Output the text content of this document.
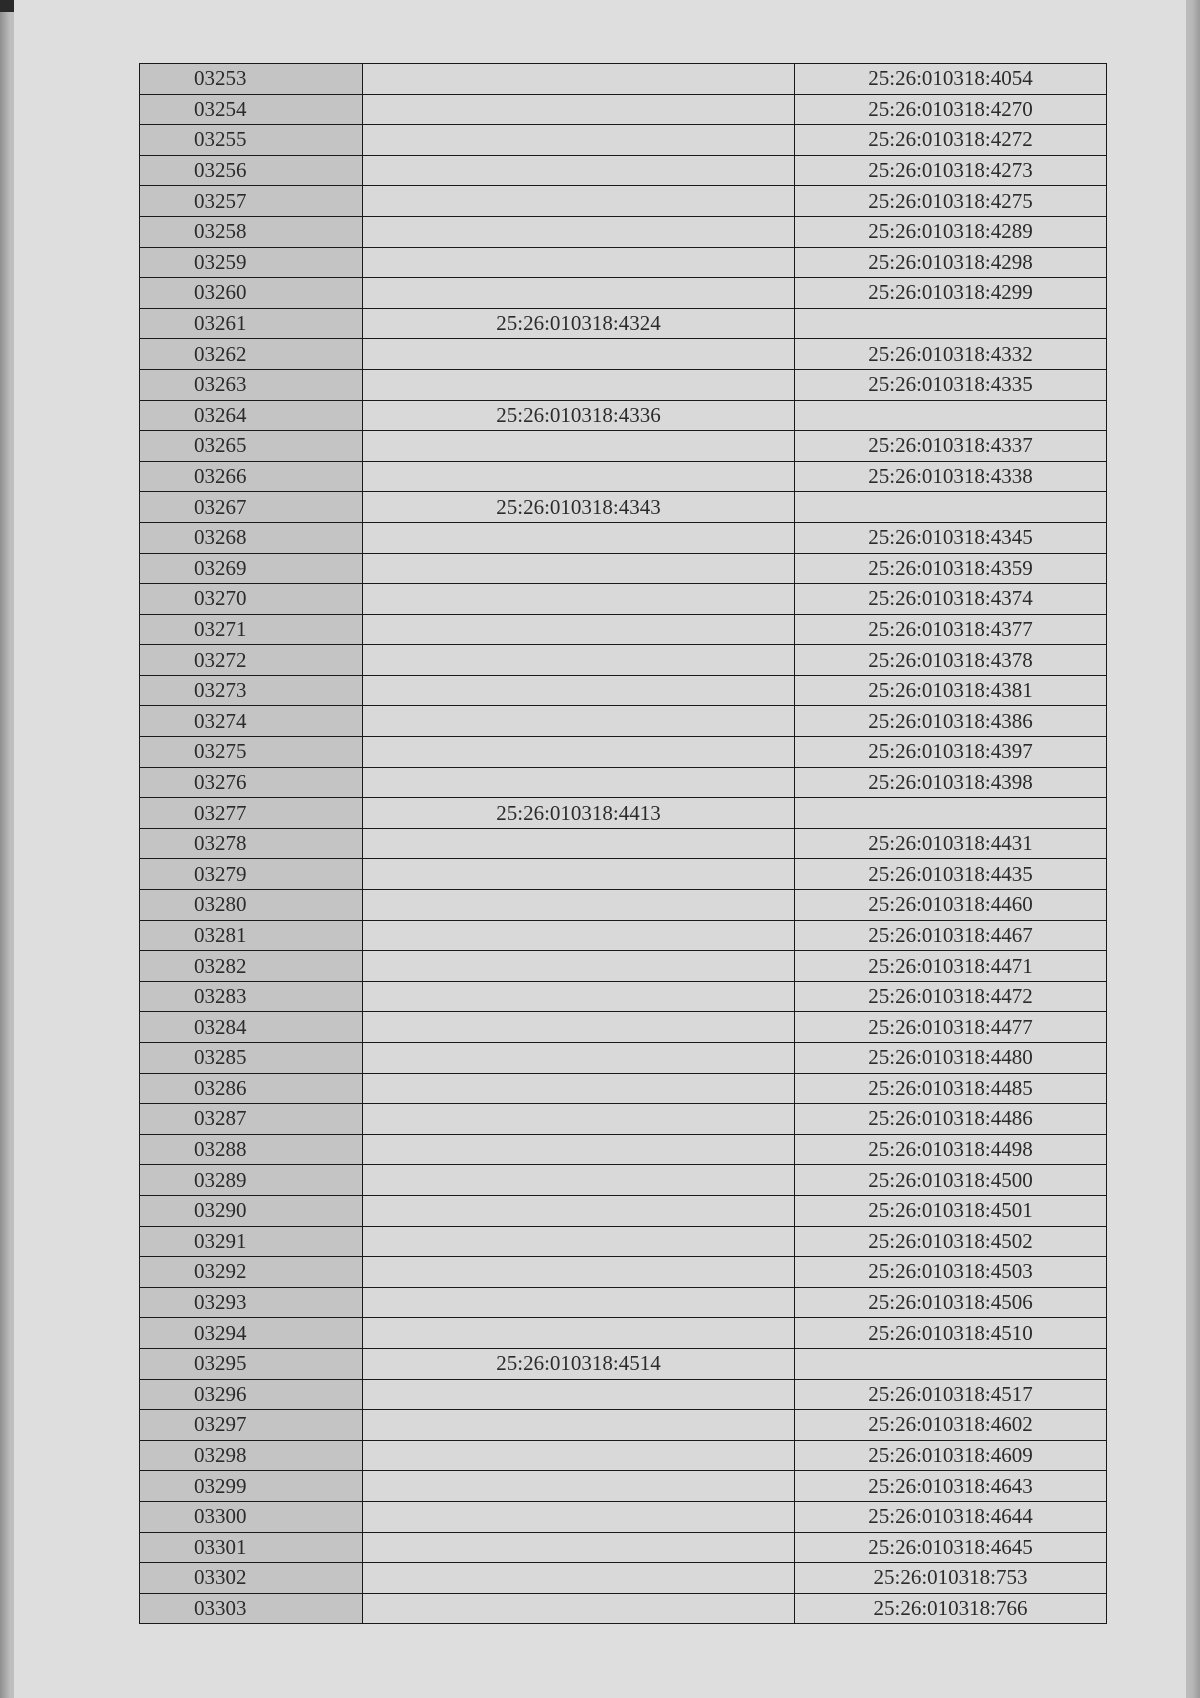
03253		25:26:010318:4054
03254		25:26:010318:4270
03255		25:26:010318:4272
03256		25:26:010318:4273
03257		25:26:010318:4275
03258		25:26:010318:4289
03259		25:26:010318:4298
03260		25:26:010318:4299
03261	25:26:010318:4324	
03262		25:26:010318:4332
03263		25:26:010318:4335
03264	25:26:010318:4336	
03265		25:26:010318:4337
03266		25:26:010318:4338
03267	25:26:010318:4343	
03268		25:26:010318:4345
03269		25:26:010318:4359
03270		25:26:010318:4374
03271		25:26:010318:4377
03272		25:26:010318:4378
03273		25:26:010318:4381
03274		25:26:010318:4386
03275		25:26:010318:4397
03276		25:26:010318:4398
03277	25:26:010318:4413	
03278		25:26:010318:4431
03279		25:26:010318:4435
03280		25:26:010318:4460
03281		25:26:010318:4467
03282		25:26:010318:4471
03283		25:26:010318:4472
03284		25:26:010318:4477
03285		25:26:010318:4480
03286		25:26:010318:4485
03287		25:26:010318:4486
03288		25:26:010318:4498
03289		25:26:010318:4500
03290		25:26:010318:4501
03291		25:26:010318:4502
03292		25:26:010318:4503
03293		25:26:010318:4506
03294		25:26:010318:4510
03295	25:26:010318:4514	
03296		25:26:010318:4517
03297		25:26:010318:4602
03298		25:26:010318:4609
03299		25:26:010318:4643
03300		25:26:010318:4644
03301		25:26:010318:4645
03302		25:26:010318:753
03303		25:26:010318:766
